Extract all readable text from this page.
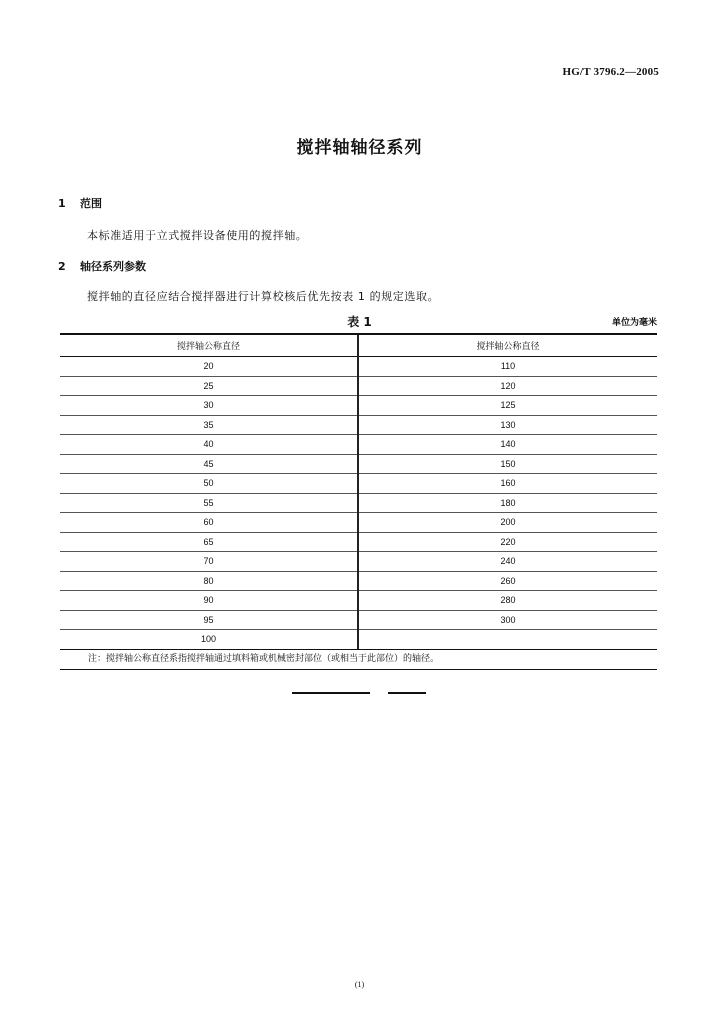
HG/T 3796.2—2005
搅拌轴轴径系列
1 范围
本标准适用于立式搅拌设备使用的搅拌轴。
2 轴径系列参数
搅拌轴的直径应结合搅拌器进行计算校核后优先按表 1 的规定选取。
表 1	单位为毫米
搅拌轴公称直径	搅拌轴公称直径
20
25
30
35
40
45
50
55
60
65
70
80
90
95
100
110
120
125
130
140
150
160
180
200
220
240
260
280
300
注：搅拌轴公称直径系指搅拌轴通过填料箱或机械密封部位（或相当于此部位）的轴径。
(1)
